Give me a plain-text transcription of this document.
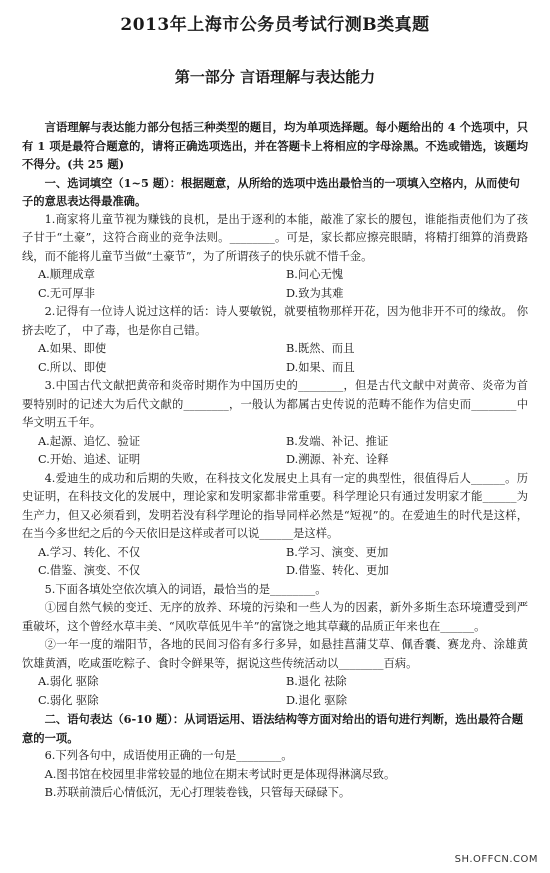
2013年上海市公务员考试行测B类真题
第一部分 言语理解与表达能力

言语理解与表达能力部分包括三种类型的题目，均为单项选择题。每小题给出的 4 个选项中，只有 1 项是最符合题意的，请将正确选项选出，并在答题卡上将相应的字母涂黑。不选或错选，该题均不得分。(共 25 题)

一、选词填空（1~5 题）：根据题意，从所给的选项中选出最恰当的一项填入空格内，从而使句子的意思表达得最准确。

1.商家将儿童节视为赚钱的良机，是出于逐利的本能，敲准了家长的腰包，谁能指责他们为了孩子甘于“土豪”，这符合商业的竞争法则。________。可是，家长都应擦亮眼睛，将精打细算的消费路线，而不能将儿童节当做“土豪节”，为了所谓孩子的快乐就不惜千金。

A.顺理成章	B.问心无愧
C.无可厚非	D.致为其难

2.记得有一位诗人说过这样的话：诗人要敏锐，就要植物那样开花，因为他非开不可的缘故。 你挤去吃了， 中了毒，也是你自己错。

A.如果、即使	B.既然、而且
C.所以、即使	D.如果、而且

3.中国古代文献把黄帝和炎帝时期作为中国历史的________，但是古代文献中对黄帝、炎帝为首要特别时的记述大为后代文献的________，一般认为都属古史传说的范畴不能作为信史而________中华文明五千年。

A.起源、追忆、验证	B.发端、补记、推证
C.开始、追述、证明	D.溯源、补充、诠释

4.爱迪生的成功和后期的失败，在科技文化发展史上具有一定的典型性，很值得后人______。历史证明，在科技文化的发展中，理论家和发明家都非常重要。科学理论只有通过发明家才能______为生产力，但又必须看到，发明若没有科学理论的指导同样必然是“短视”的。在爱迪生的时代是这样，在当今多世纪之后的今天依旧是这样或者可以说______是这样。

A.学习、转化、不仅	B.学习、演变、更加
C.借鉴、演变、不仅	D.借鉴、转化、更加

5.下面各填处空依次填入的词语，最恰当的是________。

①园自然气候的变迁、无序的放养、环境的污染和一些人为的因素，新外多斯生态环境遭受到严重破坏，这个曾经水草丰美、“风吹草低见牛羊”的富饶之地其草藏的品质正年来也在______。

②一年一度的端阳节，各地的民间习俗有多行多异，如悬挂菖蒲艾草、佩香囊、赛龙舟、涂雄黄饮雄黄酒，吃咸蛋吃粽子、食时令鲜果等，据说这些传统活动以________百病。

A.弱化 驱除	B.退化 祛除
C.弱化 驱除	D.退化 驱除

二、语句表达（6-10 题）：从词语运用、语法结构等方面对给出的语句进行判断，选出最符合题意的一项。

6.下列各句中，成语使用正确的一句是________。

A.图书馆在校园里非常较显的地位在期末考试时更是体现得淋漓尽致。

B.苏联前溃后心情低沉，无心打理装卷钱，只管每天碌碌下。

SH.OFFCN.COM
